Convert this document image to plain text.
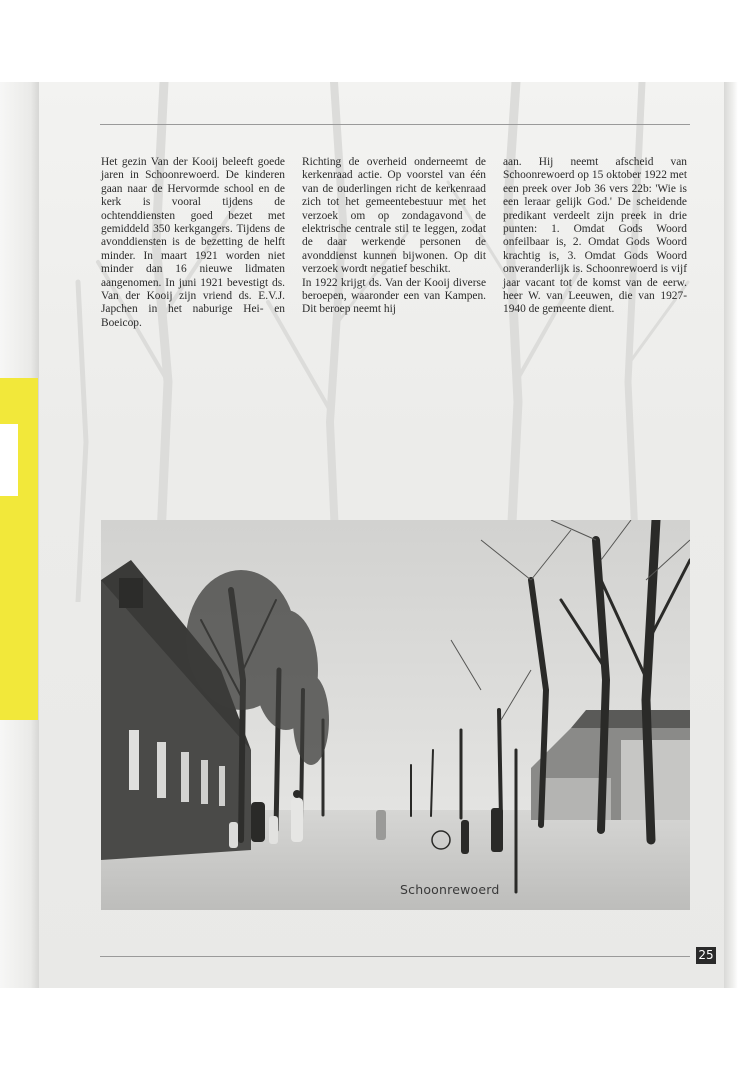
Het gezin Van der Kooij beleeft goede jaren in Schoonrewoerd. De kinderen gaan naar de Hervormde school en de kerk is vooral tijdens de ochtenddiensten goed bezet met gemiddeld 350 kerkgangers. Tijdens de avonddiensten is de bezetting de helft minder. In maart 1921 worden niet minder dan 16 nieuwe lidmaten aangenomen. In juni 1921 bevestigt ds. Van der Kooij zijn vriend ds. E.V.J. Japchen in het naburige Hei- en Boeicop.

Richting de overheid onderneemt de kerkenraad actie. Op voorstel van één van de ouderlingen richt de kerkenraad zich tot het gemeentebestuur met het verzoek om op zondagavond de elektrische centrale stil te leggen, zodat de daar werkende personen de avonddienst kunnen bijwonen. Op dit verzoek wordt negatief beschikt.

In 1922 krijgt ds. Van der Kooij diverse beroepen, waaronder een van Kampen. Dit beroep neemt hij

aan. Hij neemt afscheid van Schoonrewoerd op 15 oktober 1922 met een preek over Job 36 vers 22b: 'Wie is een leraar gelijk God.' De scheidende predikant verdeelt zijn preek in drie punten: 1. Omdat Gods Woord onfeilbaar is, 2. Omdat Gods Woord krachtig is, 3. Omdat Gods Woord onveranderlijk is. Schoonrewoerd is vijf jaar vacant tot de komst van de eerw. heer W. van Leeuwen, die van 1927-1940 de gemeente dient.

Schoonrewoerd
25
